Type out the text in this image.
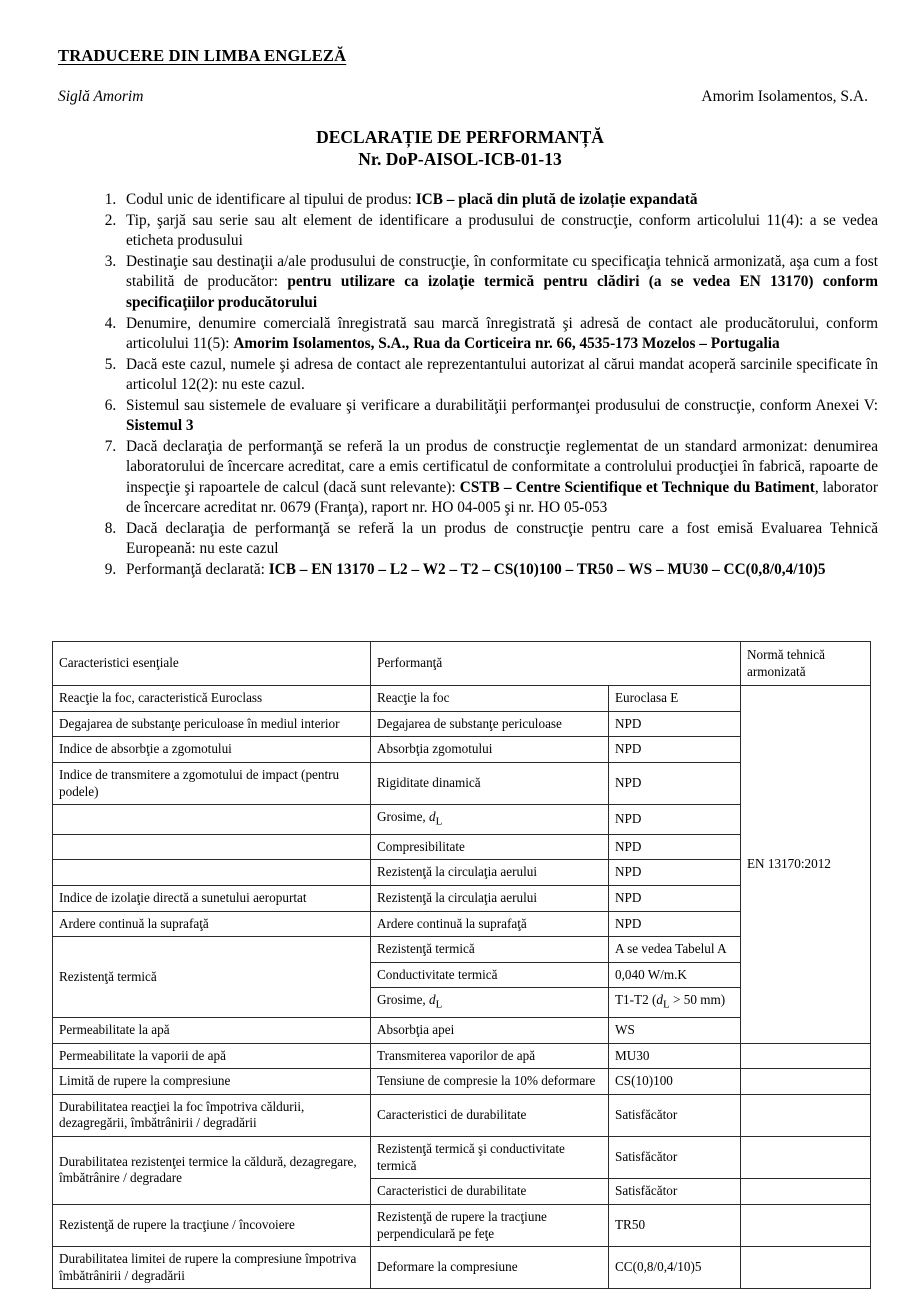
TRADUCERE DIN LIMBA ENGLEZĂ
Siglă Amorim	Amorim Isolamentos, S.A.
DECLARAȚIE DE PERFORMANȚĂ
Nr. DoP-AISOL-ICB-01-13
1. Codul unic de identificare al tipului de produs: ICB – placă din plută de izolație expandată
2. Tip, şarjă sau serie sau alt element de identificare a produsului de construcţie, conform articolului 11(4): a se vedea eticheta produsului
3. Destinaţie sau destinaţii a/ale produsului de construcţie, în conformitate cu specificaţia tehnică armonizată, aşa cum a fost stabilită de producător: pentru utilizare ca izolaţie termică pentru clădiri (a se vedea EN 13170) conform specificaţiilor producătorului
4. Denumire, denumire comercială înregistrată sau marcă înregistrată şi adresă de contact ale producătorului, conform articolului 11(5): Amorim Isolamentos, S.A., Rua da Corticeira nr. 66, 4535-173 Mozelos – Portugalia
5. Dacă este cazul, numele şi adresa de contact ale reprezentantului autorizat al cărui mandat acoperă sarcinile specificate în articolul 12(2): nu este cazul.
6. Sistemul sau sistemele de evaluare şi verificare a durabilităţii performanţei produsului de construcţie, conform Anexei V: Sistemul 3
7. Dacă declaraţia de performanţă se referă la un produs de construcţie reglementat de un standard armonizat: denumirea laboratorului de încercare acreditat, care a emis certificatul de conformitate a controlului producţiei în fabrică, rapoarte de inspecţie şi rapoartele de calcul (dacă sunt relevante): CSTB – Centre Scientifique et Technique du Batiment, laborator de încercare acreditat nr. 0679 (Franţa), raport nr. HO 04-005 şi nr. HO 05-053
8. Dacă declaraţia de performanţă se referă la un produs de construcţie pentru care a fost emisă Evaluarea Tehnică Europeană: nu este cazul
9. Performanţă declarată: ICB – EN 13170 – L2 – W2 – T2 – CS(10)100 – TR50 – WS – MU30 – CC(0,8/0,4/10)5
Caracteristici esenţiale	Performanţă		Normă tehnică armonizată
Reacţie la foc, caracteristică Euroclass	Reacţie la foc	Euroclasa E	EN 13170:2012
Degajarea de substanţe periculoase în mediul interior	Degajarea de substanţe periculoase	NPD	
Indice de absorbţie a zgomotului	Absorbţia zgomotului	NPD	
Indice de transmitere a zgomotului de impact (pentru podele)	Rigiditate dinamică	NPD	
	Grosime, $d_L$	NPD	
	Compresibilitate	NPD	
	Rezistenţă la circulaţia aerului	NPD	
Indice de izolaţie directă a sunetului aeropurtat	Rezistenţă la circulaţia aerului	NPD	
Ardere continuă la suprafaţă	Ardere continuă la suprafaţă	NPD	
Rezistenţă termică	Rezistenţă termică	A se vedea Tabelul A	
	Conductivitate termică	0,040 W/m.K	
	Grosime, $d_L$	T1-T2 ($d_L > 50$ mm)	
Permeabilitate la apă	Absorbţia apei	WS	
Permeabilitate la vaporii de apă	Transmiterea vaporilor de apă	MU30	
Limită de rupere la compresiune	Tensiune de compresie la 10% deformare	CS(10)100	
Durabilitatea reacţiei la foc împotriva căldurii, dezagregării, îmbătrânirii / degradării	Caracteristici de durabilitate	Satisfăcător	
Durabilitatea rezistenţei termice la căldură, dezagregare, îmbătrânire / degradare	Rezistenţă termică şi conductivitate termică	Satisfăcător	
	Caracteristici de durabilitate	Satisfăcător	
Rezistenţă de rupere la tracţiune / încovoiere	Rezistenţă de rupere la tracţiune perpendiculară pe feţe	TR50	
Durabilitatea limitei de rupere la compresiune împotriva îmbătrânirii / degradării	Deformare la compresiune	CC(0,8/0,4/10)5	
